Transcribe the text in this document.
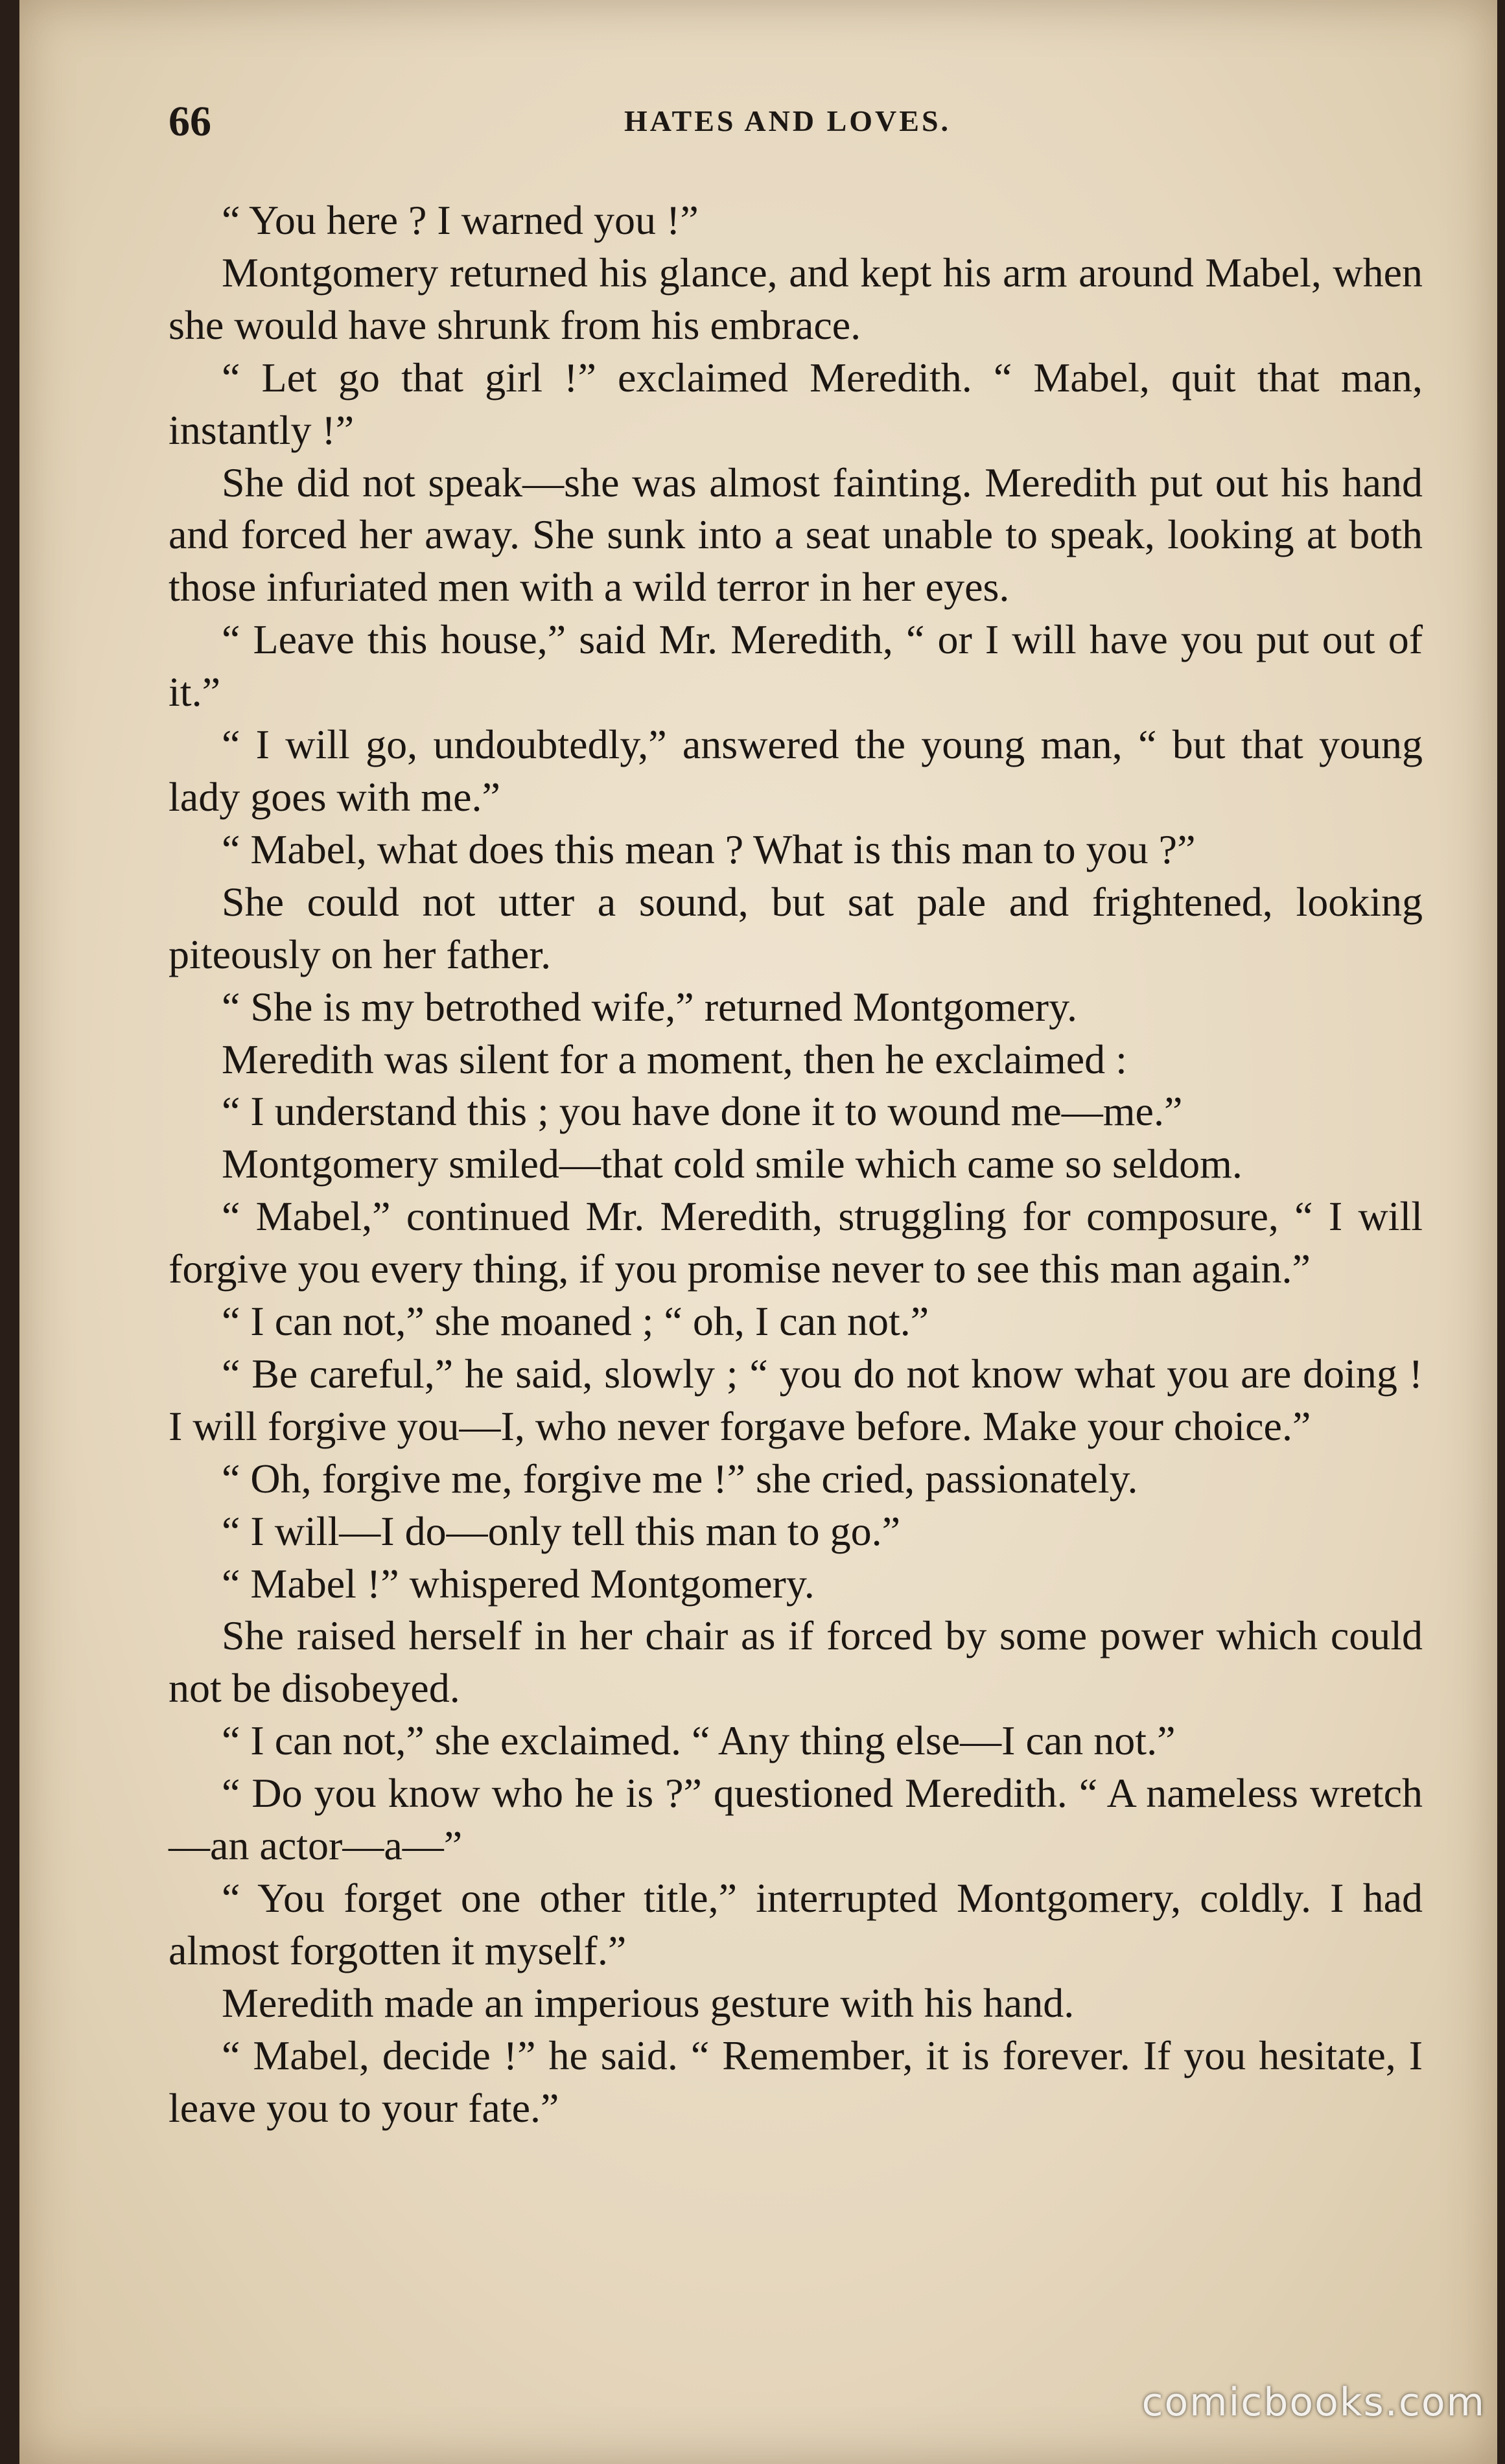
66	HATES AND LOVES.

“ You here ? I warned you !”

Montgomery returned his glance, and kept his arm around Mabel, when she would have shrunk from his embrace.

“ Let go that girl !” exclaimed Meredith. “ Mabel, quit that man, instantly !”

She did not speak—she was almost fainting. Meredith put out his hand and forced her away. She sunk into a seat unable to speak, looking at both those infuriated men with a wild terror in her eyes.

“ Leave this house,” said Mr. Meredith, “ or I will have you put out of it.”

“ I will go, undoubtedly,” answered the young man, “ but that young lady goes with me.”

“ Mabel, what does this mean ? What is this man to you ?”

She could not utter a sound, but sat pale and frightened, looking piteously on her father.

“ She is my betrothed wife,” returned Montgomery.

Meredith was silent for a moment, then he exclaimed :

“ I understand this ; you have done it to wound me—me.”

Montgomery smiled—that cold smile which came so seldom.

“ Mabel,” continued Mr. Meredith, struggling for composure, “ I will forgive you every thing, if you promise never to see this man again.”

“ I can not,” she moaned ; “ oh, I can not.”

“ Be careful,” he said, slowly ; “ you do not know what you are doing ! I will forgive you—I, who never forgave before. Make your choice.”

“ Oh, forgive me, forgive me !” she cried, passionately.

“ I will—I do—only tell this man to go.”

“ Mabel !” whispered Montgomery.

She raised herself in her chair as if forced by some power which could not be disobeyed.

“ I can not,” she exclaimed. “ Any thing else—I can not.”

“ Do you know who he is ?” questioned Meredith. “ A nameless wretch—an actor—a—”

“ You forget one other title,” interrupted Montgomery, coldly. I had almost forgotten it myself.”

Meredith made an imperious gesture with his hand.

“ Mabel, decide !” he said. “ Remember, it is forever. If you hesitate, I leave you to your fate.”

comicbooks.com
